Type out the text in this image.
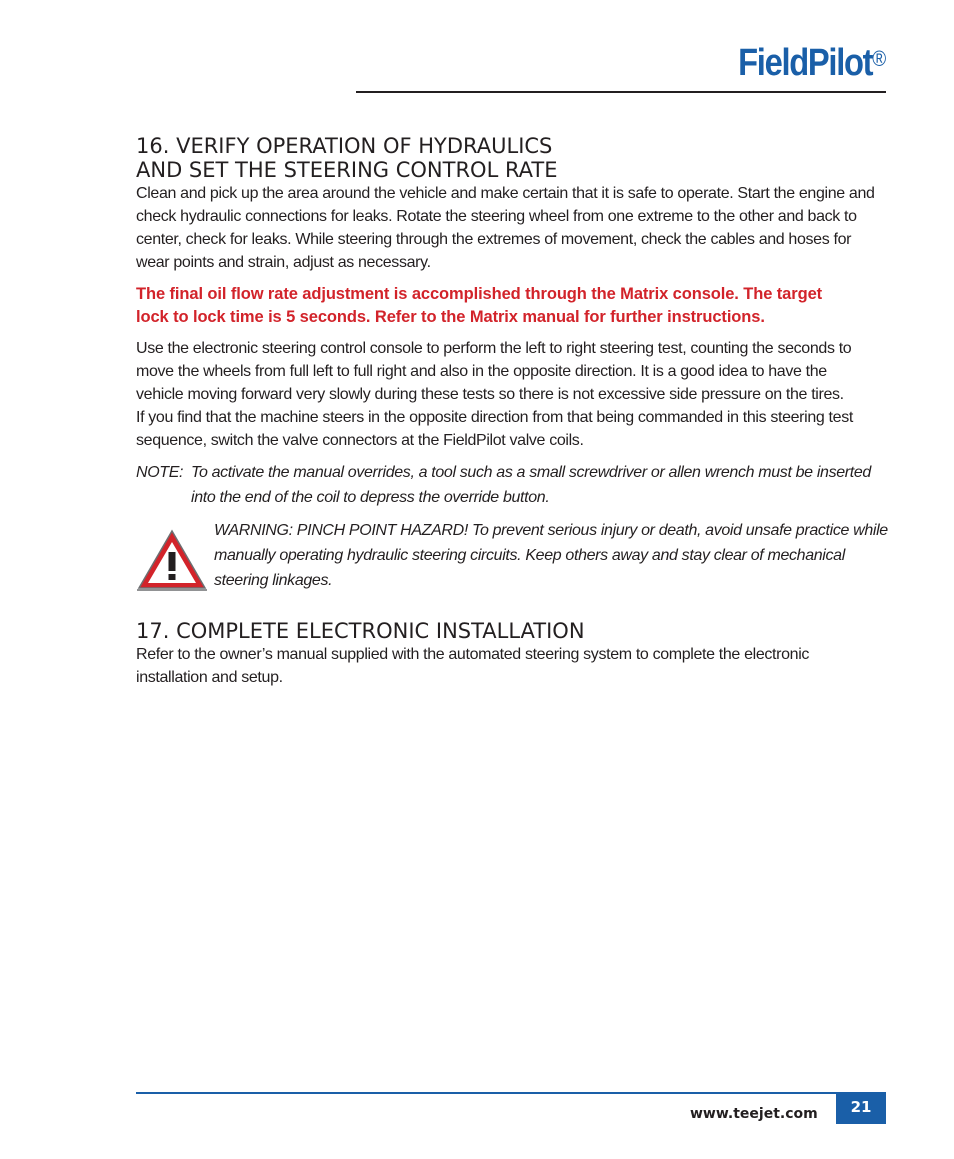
FieldPilot®
16. VERIFY OPERATION OF HYDRAULICS
AND SET THE STEERING CONTROL RATE

Clean and pick up the area around the vehicle and make certain that it is safe to operate. Start the engine and check hydraulic connections for leaks. Rotate the steering wheel from one extreme to the other and back to center, check for leaks. While steering through the extremes of movement, check the cables and hoses for wear points and strain, adjust as necessary.

The final oil flow rate adjustment is accomplished through the Matrix console. The target lock to lock time is 5 seconds. Refer to the Matrix manual for further instructions.

Use the electronic steering control console to perform the left to right steering test, counting the seconds to move the wheels from full left to full right and also in the opposite direction. It is a good idea to have the vehicle moving forward very slowly during these tests so there is not excessive side pressure on the tires.

If you find that the machine steers in the opposite direction from that being commanded in this steering test sequence, switch the valve connectors at the FieldPilot valve coils.

NOTE: To activate the manual overrides, a tool such as a small screwdriver or allen wrench must be inserted into the end of the coil to depress the override button.
WARNING: PINCH POINT HAZARD! To prevent serious injury or death, avoid unsafe practice while manually operating hydraulic steering circuits. Keep others away and stay clear of mechanical steering linkages.
17. COMPLETE ELECTRONIC INSTALLATION

Refer to the owner’s manual supplied with the automated steering system to complete the electronic installation and setup.

www.teejet.com	21
